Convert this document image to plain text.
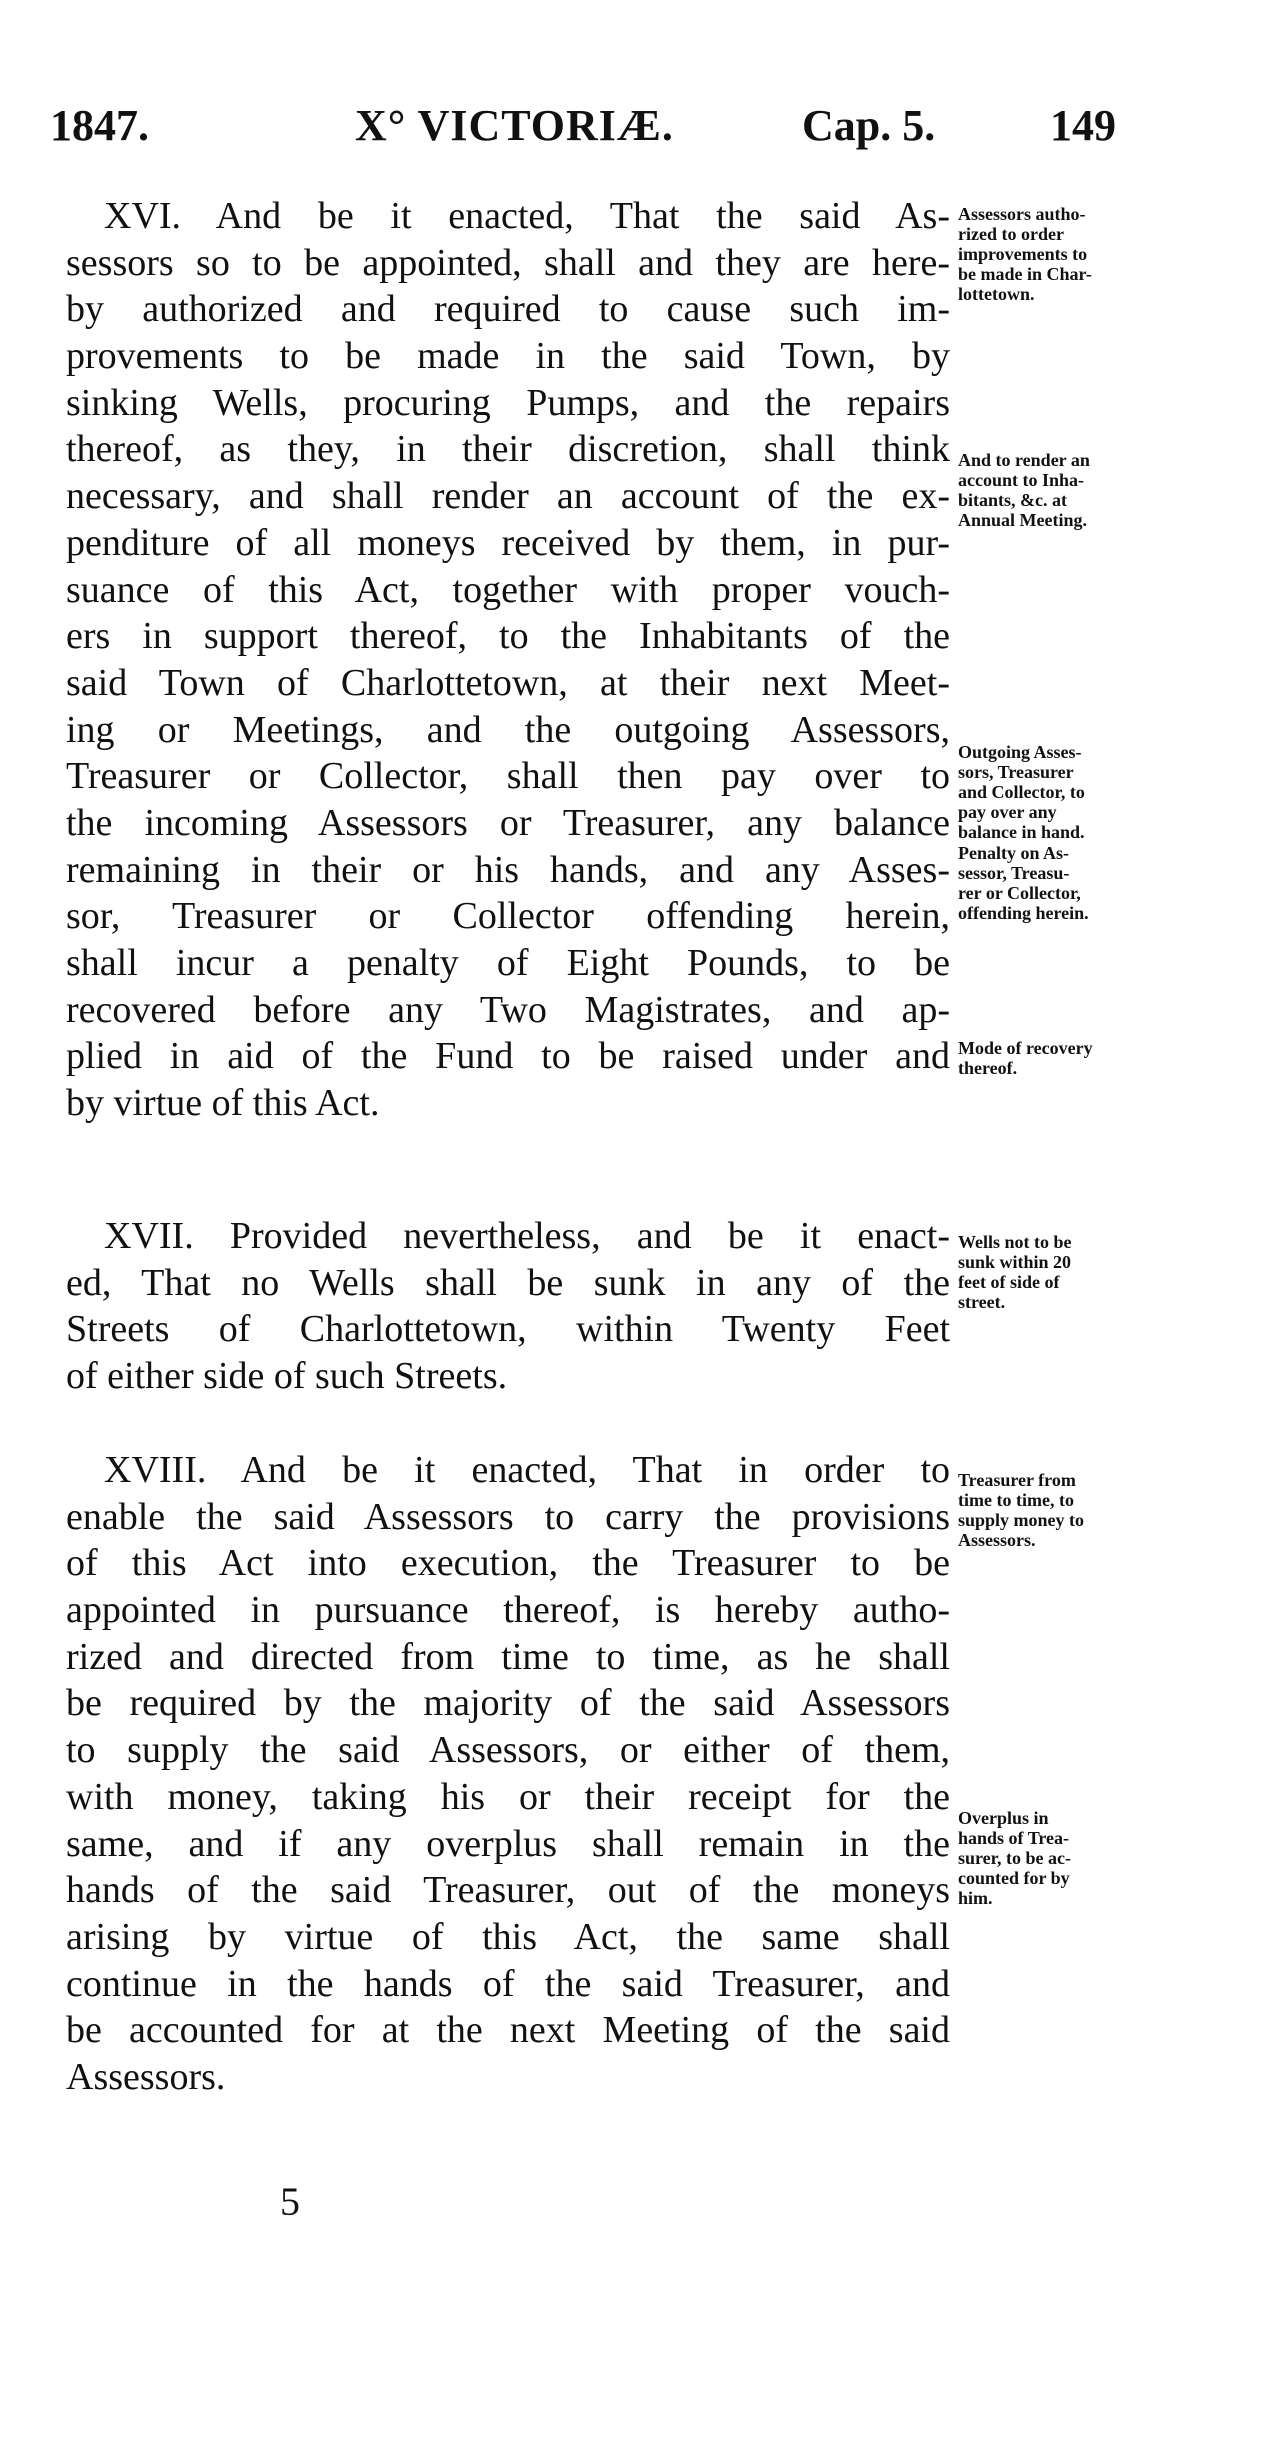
1847.	X° VICTORIÆ.	Cap. 5.	149
XVI. And be it enacted, That the said As-
sessors so to be appointed, shall and they are here-
by authorized and required to cause such im-
provements to be made in the said Town, by
sinking Wells, procuring Pumps, and the repairs
thereof, as they, in their discretion, shall think
necessary, and shall render an account of the ex-
penditure of all moneys received by them, in pur-
suance of this Act, together with proper vouch-
ers in support thereof, to the Inhabitants of the
said Town of Charlottetown, at their next Meet-
ing or Meetings, and the outgoing Assessors,
Treasurer or Collector, shall then pay over to
the incoming Assessors or Treasurer, any balance
remaining in their or his hands, and any Asses-
sor, Treasurer or Collector offending herein,
shall incur a penalty of Eight Pounds, to be
recovered before any Two Magistrates, and ap-
plied in aid of the Fund to be raised under and
by virtue of this Act.
XVII. Provided nevertheless, and be it enact-
ed, That no Wells shall be sunk in any of the
Streets of Charlottetown, within Twenty Feet
of either side of such Streets.
XVIII. And be it enacted, That in order to
enable the said Assessors to carry the provisions
of this Act into execution, the Treasurer to be
appointed in pursuance thereof, is hereby autho-
rized and directed from time to time, as he shall
be required by the majority of the said Assessors
to supply the said Assessors, or either of them,
with money, taking his or their receipt for the
same, and if any overplus shall remain in the
hands of the said Treasurer, out of the moneys
arising by virtue of this Act, the same shall
continue in the hands of the said Treasurer, and
be accounted for at the next Meeting of the said
Assessors.
Assessors autho-
rized to order
improvements to
be made in Char-
lottetown.
And to render an
account to Inha-
bitants, &c. at
Annual Meeting.
Outgoing Asses-
sors, Treasurer
and Collector, to
pay over any
balance in hand.
Penalty on As-
sessor, Treasu-
rer or Collector,
offending herein.
Mode of recovery
thereof.
Wells not to be
sunk within 20
feet of side of
street.
Treasurer from
time to time, to
supply money to
Assessors.
Overplus in
hands of Trea-
surer, to be ac-
counted for by
him.
5
